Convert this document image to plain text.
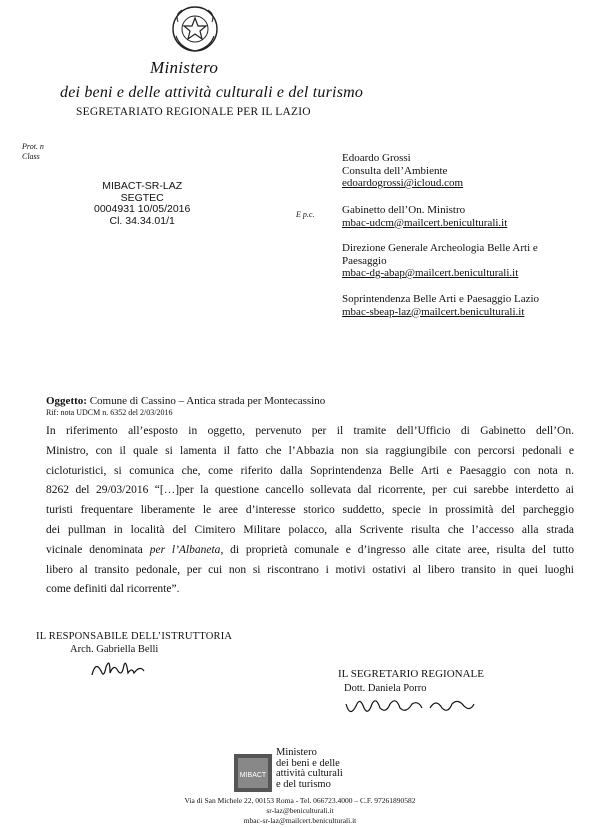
Ministero
dei beni e delle attività culturali e del turismo
SEGRETARIATO REGIONALE PER IL LAZIO
Prot. n
Class
MIBACT-SR-LAZ
SEGTEC
0004931 10/05/2016
Cl. 34.34.01/1
Edoardo Grossi
Consulta dell’Ambiente
edoardogrossi@icloud.com
E p.c.	Gabinetto dell’On. Ministro
mbac-udcm@mailcert.beniculturali.it
Direzione Generale Archeologia Belle Arti e
Paesaggio
mbac-dg-abap@mailcert.beniculturali.it
Soprintendenza Belle Arti e Paesaggio Lazio
mbac-sbeap-laz@mailcert.beniculturali.it
Oggetto: Comune di Cassino – Antica strada per Montecassino
Rif: nota UDCM n. 6352 del 2/03/2016

In riferimento all’esposto in oggetto, pervenuto per il tramite dell’Ufficio di Gabinetto dell’On.

Ministro, con il quale si lamenta il fatto che l’Abbazia non sia raggiungibile con percorsi pedonali e

cicloturistici, si comunica che, come riferito dalla Soprintendenza Belle Arti e Paesaggio con nota n.

8262 del 29/03/2016 “[…]per la questione cancello sollevata dal ricorrente, per cui sarebbe interdetto ai

turisti frequentare liberamente le aree d’interesse storico suddetto, specie in prossimità del parcheggio

dei pullman in località del Cimitero Militare polacco, alla Scrivente risulta che l’accesso alla strada

vicinale denominata per l’Albaneta, di proprietà comunale e d’ingresso alle citate aree, risulta del tutto

libero al transito pedonale, per cui non si riscontrano i motivi ostativi al libero transito in quei luoghi

come definiti dal ricorrente”.

IL RESPONSABILE DELL’ISTRUTTORIA
Arch. Gabriella Belli
IL SEGRETARIO REGIONALE
Dott. Daniela Porro
MIBACT
Ministero
dei beni e delle
attività culturali
e del turismo
Via di San Michele 22, 00153 Roma - Tel. 066723.4000 – C.F. 97261890582
sr-laz@beniculturali.it
mbac-sr-laz@mailcert.beniculturali.it
